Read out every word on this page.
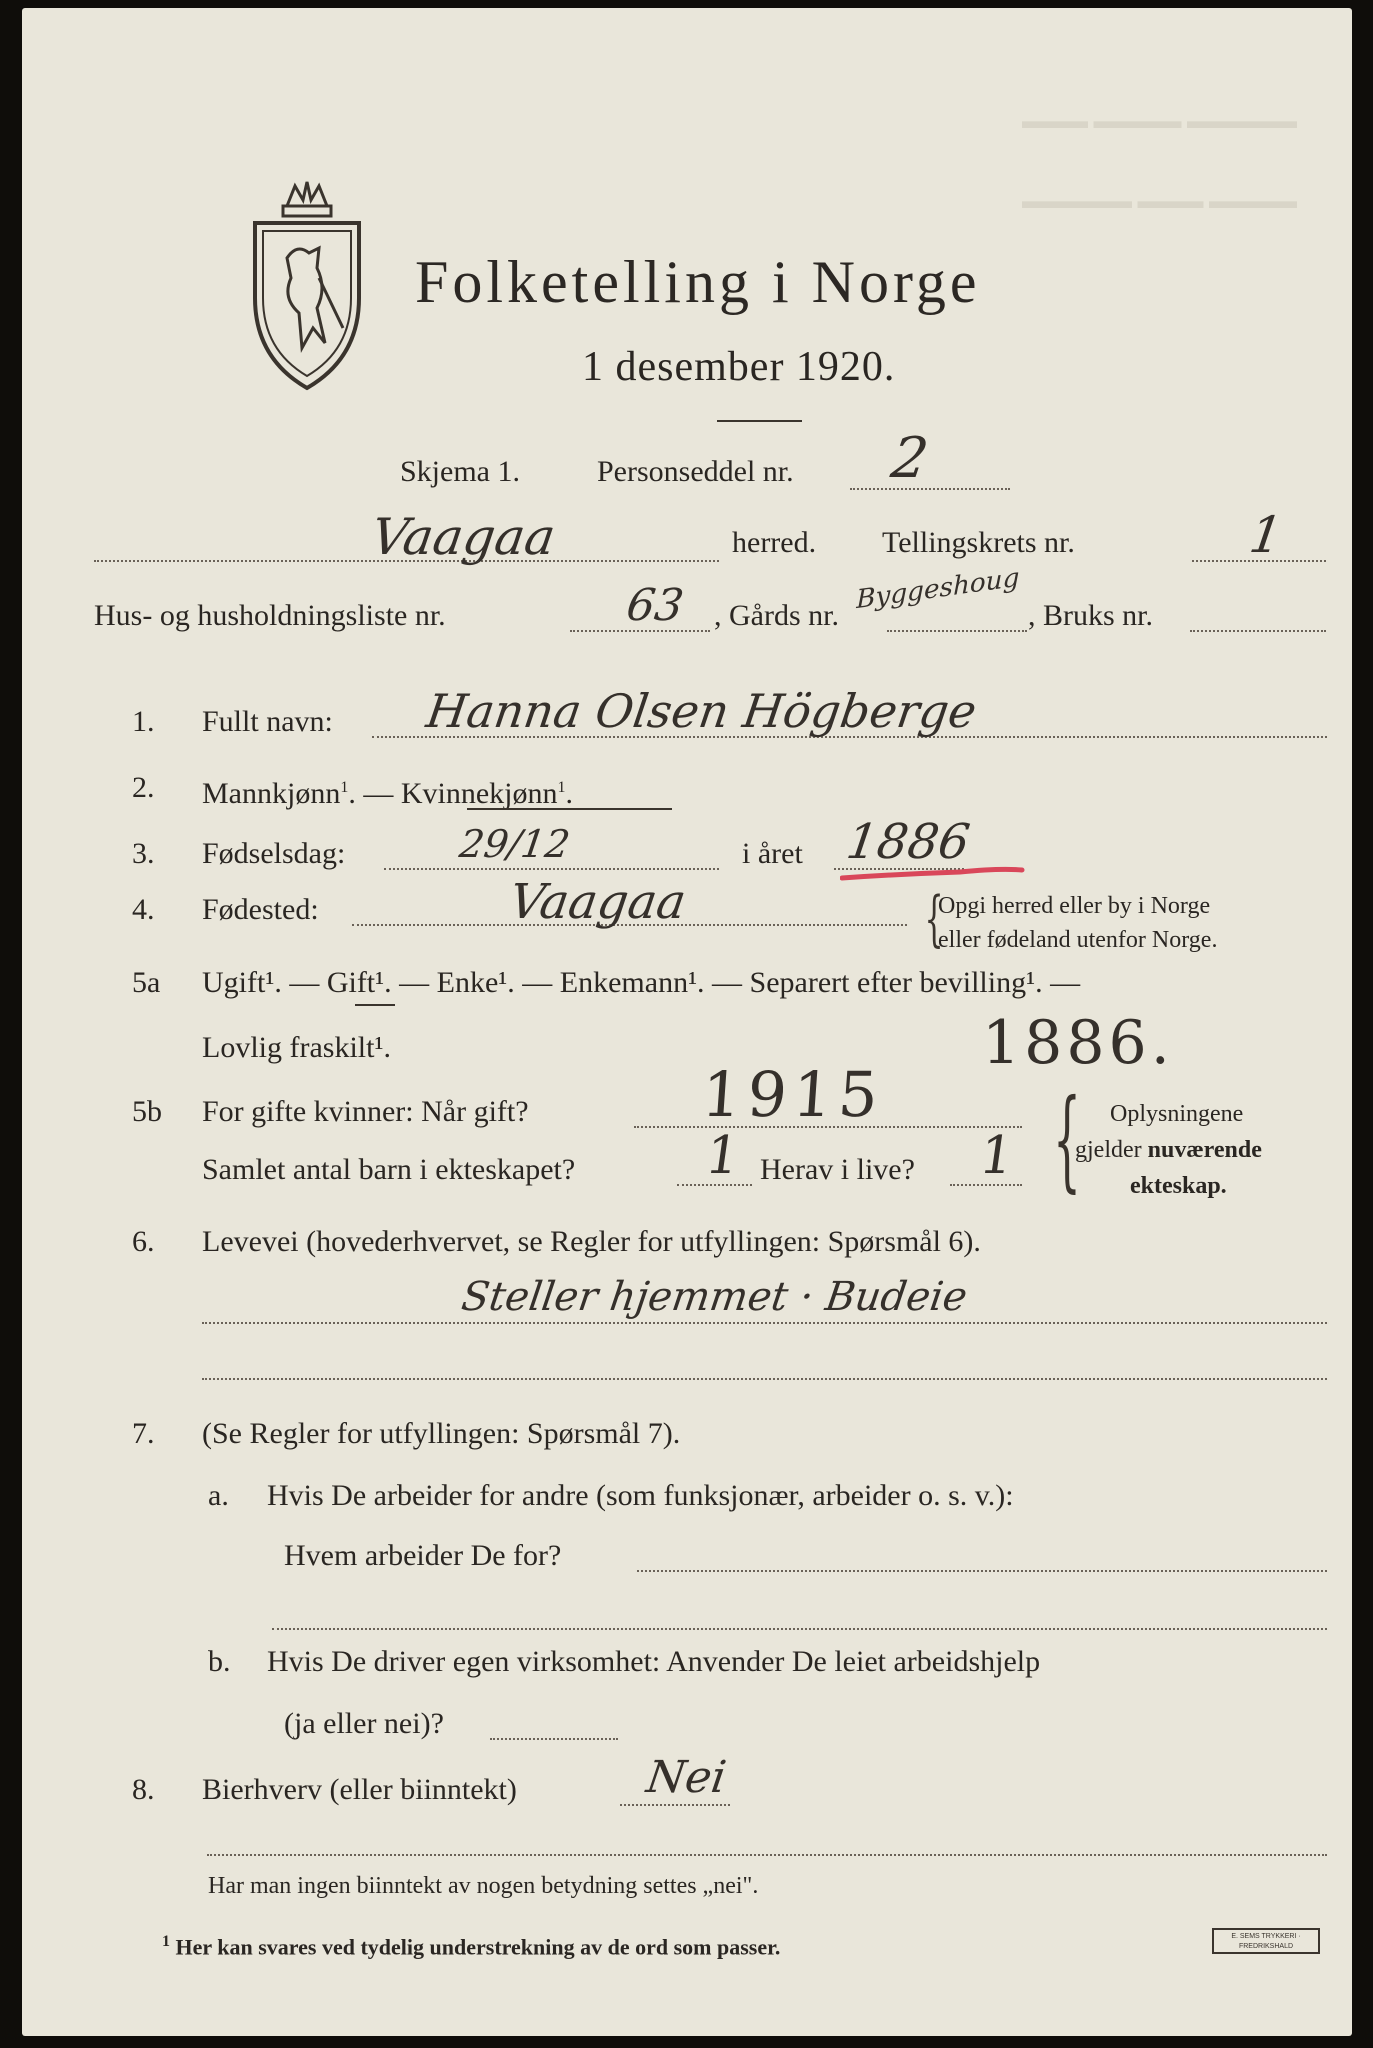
▬▬▬ ▬▬▬▬ ▬▬▬▬▬
▬▬▬▬▬ ▬▬▬ ▬▬▬▬
Folketelling i Norge
1 desember 1920.
Skjema 1.	Personseddel nr. 2
Vaagaa	herred. Tellingskrets nr.	1
Hus- og husholdningsliste nr.	63 , Gårds nr.
Byggeshoug
, Bruks nr.
1. Fullt navn: Hanna Olsen Högberge
2. Mannkjønn$^1$. — Kvinnekjønn$^1$.
3. Fødselsdag:	29/12	i året 1886
4. Fødested:	Vaagaa	{
Opgi herred eller by i Norge
eller fødeland utenfor Norge.
5a Ugift¹. — Gift¹. — Enke¹. — Enkemann¹. — Separert efter bevilling¹. —
Lovlig fraskilt¹.	1886.
5b For gifte kvinner: Når gift?	1915
Samlet antal barn i ekteskapet? 1 Herav i live? 1 { Oplysningene
gjelder nuværende
ekteskap.
6. Levevei (hovederhvervet, se Regler for utfyllingen: Spørsmål 6).
Steller hjemmet · Budeie
7. (Se Regler for utfyllingen: Spørsmål 7).
a. Hvis De arbeider for andre (som funksjonær, arbeider o. s. v.):
Hvem arbeider De for?
b. Hvis De driver egen virksomhet: Anvender De leiet arbeidshjelp
(ja eller nei)?
8. Bierhverv (eller biinntekt)	Nei
Har man ingen biinntekt av nogen betydning settes „nei".
$^1$ Her kan svares ved tydelig understrekning av de ord som passer.	E. SEMS TRYKKERI · FREDRIKSHALD
